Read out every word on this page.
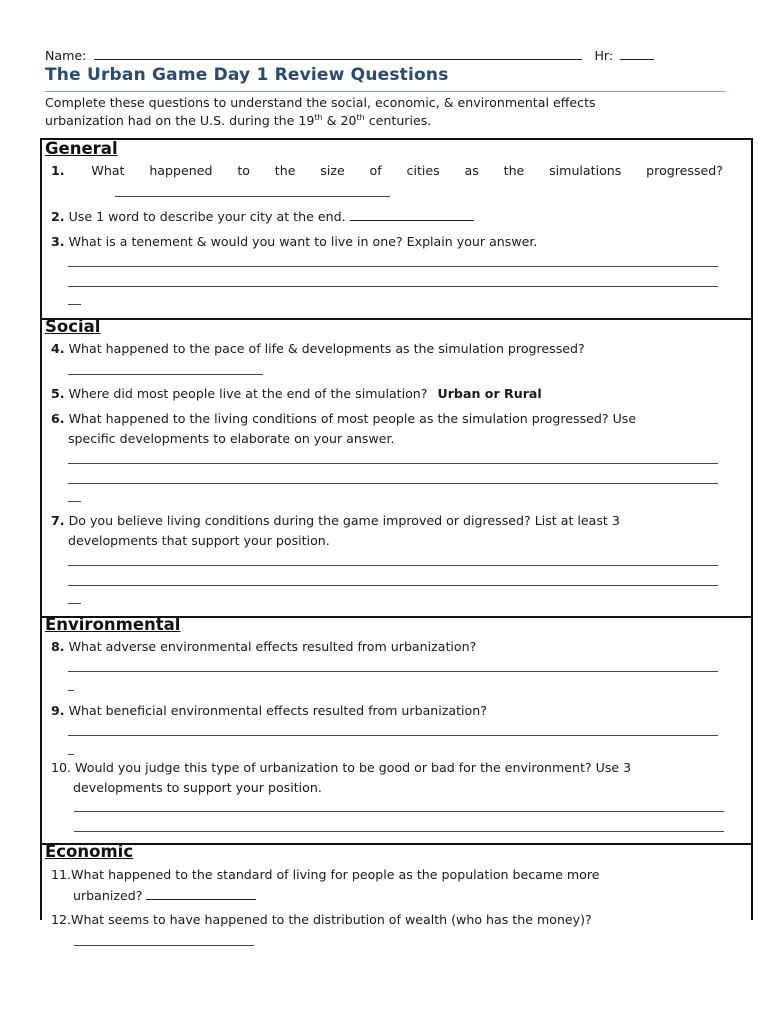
Name:	Hr:
The Urban Game Day 1 Review Questions
Complete these questions to understand the social, economic, & environmental effects
urbanization had on the U.S. during the 19th & 20th centuries.
General
1. What happened to the size of cities as the simulations progressed?
2. Use 1 word to describe your city at the end.
3. What is a tenement & would you want to live in one? Explain your answer.
Social
4. What happened to the pace of life & developments as the simulation progressed?
5. Where did most people live at the end of the simulation? Urban or Rural
6. What happened to the living conditions of most people as the simulation progressed? Use
specific developments to elaborate on your answer.
7. Do you believe living conditions during the game improved or digressed? List at least 3
developments that support your position.
Environmental
8. What adverse environmental effects resulted from urbanization?
9. What beneficial environmental effects resulted from urbanization?
10. Would you judge this type of urbanization to be good or bad for the environment? Use 3
developments to support your position.
Economic
11.What happened to the standard of living for people as the population became more
urbanized?
12.What seems to have happened to the distribution of wealth (who has the money)?
